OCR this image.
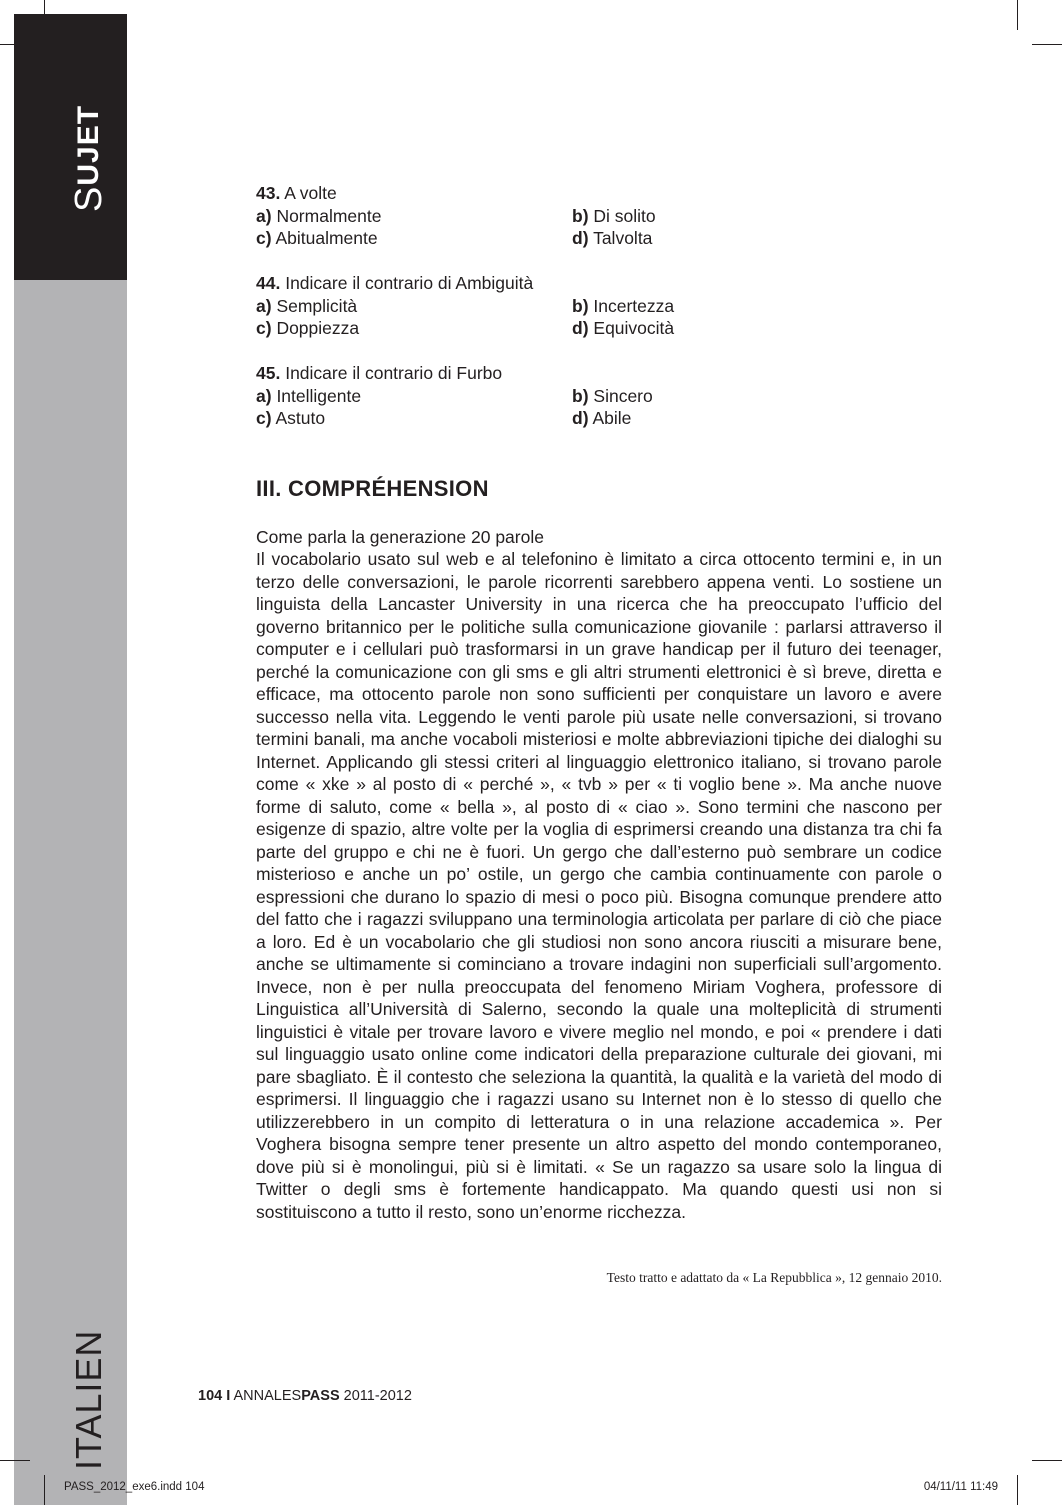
SUJET
ITALIEN
43. A volte
a) Normalmente	b) Di solito
c) Abitualmente	d) Talvolta
44. Indicare il contrario di Ambiguità
a) Semplicità	b) Incertezza
c) Doppiezza	d) Equivocità
45. Indicare il contrario di Furbo
a) Intelligente	b) Sincero
c) Astuto	d) Abile
III. COMPRÉHENSION
Come parla la generazione 20 parole
Il vocabolario usato sul web e al telefonino è limitato a circa ottocento termini e, in un terzo delle conversazioni, le parole ricorrenti sarebbero appena venti. Lo sostiene un linguista della Lancaster University in una ricerca che ha preoccupato l’ufficio del governo britannico per le politiche sulla comunicazione giovanile : parlarsi attraverso il computer e i cellulari può trasformarsi in un grave handicap per il futuro dei teenager, perché la comunicazione con gli sms e gli altri strumenti elettronici è sì breve, diretta e efficace, ma ottocento parole non sono sufficienti per conquistare un lavoro e avere successo nella vita. Leggendo le venti parole più usate nelle conversazioni, si trovano termini banali, ma anche vocaboli misteriosi e molte abbreviazioni tipiche dei dialoghi su Internet. Applicando gli stessi criteri al linguaggio elettronico italiano, si trovano parole come « xke » al posto di « perché », « tvb » per « ti voglio bene ». Ma anche nuove forme di saluto, come « bella », al posto di « ciao ». Sono termini che nascono per esigenze di spazio, altre volte per la voglia di esprimersi creando una distanza tra chi fa parte del gruppo e chi ne è fuori. Un gergo che dall’esterno può sembrare un codice misterioso e anche un po’ ostile, un gergo che cambia continuamente con parole o espressioni che durano lo spazio di mesi o poco più. Bisogna comunque prendere atto del fatto che i ragazzi sviluppano una terminologia articolata per parlare di ciò che piace a loro. Ed è un vocabolario che gli studiosi non sono ancora riusciti a misurare bene, anche se ultimamente si cominciano a trovare indagini non superficiali sull’argomento. Invece, non è per nulla preoccupata del fenomeno Miriam Voghera, professore di Linguistica all’Università di Salerno, secondo la quale una molteplicità di strumenti linguistici è vitale per trovare lavoro e vivere meglio nel mondo, e poi « prendere i dati sul linguaggio usato online come indicatori della preparazione culturale dei giovani, mi pare sbagliato. È il contesto che seleziona la quantità, la qualità e la varietà del modo di esprimersi. Il linguaggio che i ragazzi usano su Internet non è lo stesso di quello che utilizzerebbero in un compito di letteratura o in una relazione accademica ». Per Voghera bisogna sempre tener presente un altro aspetto del mondo contemporaneo, dove più si è monolingui, più si è limitati. « Se un ragazzo sa usare solo la lingua di Twitter o degli sms è fortemente handicappato. Ma quando questi usi non si sostituiscono a tutto il resto, sono un’enorme ricchezza.
Testo tratto e adattato da « La Repubblica », 12 gennaio 2010.
104 I ANNALESPASS 2011-2012
PASS_2012_exe6.indd 104	04/11/11 11:49
